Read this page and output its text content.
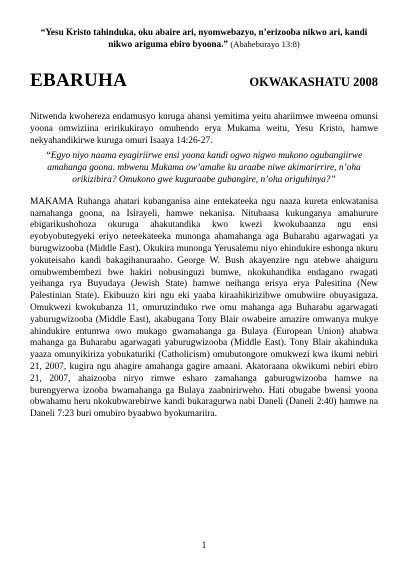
“Yesu Kristo tahinduka, oku abaire ari, nyomwebazyo, n’erizooba nikwo ari, kandi nikwo ariguma ebiro byoona.” (Abaheburayo 13:8)
EBARUHA	OKWAKASHATU 2008

Nitwenda kwohereza endamusyo kuruga ahansi yemitima yeitu ahariimwe mweena omunsi yoona omwiziina eririkukirayo omuhendo erya Mukama weitu, Yesu Kristo, hamwe nekyahandikirwe kuruga omuri Isaaya 14:26-27.

“Egyo niyo naama eyagiriirwe ensi yoona kandi ogwo nigwo mukono ogubangiirwe amahanga goona. mbwenu Mukama ow’amahe ku araabe niwe akimarirrire, n’oha orikizibira? Omukono gwe kuguraabe gubangire, n’oha origuhinya?”

MAKAMA Ruhanga ahatari kubanganisa aine entekateeka ngu naaza kureta enkwatanisa namahanga goona, na Isirayeli, hamwe nekanisa. Nitubaasa kukunganya amahurure ebigarikushohoza okuruga ahakutandika kwo kwezi kwokubaanza ngu ensi eyobyobutegyeki eriyo neteekateeka munonga ahamahanga aga Buharabu agarwagati ya burugwizooba (Middle East). Okukira munonga Yerusalemu niyo ehindukire eshonga nkuru yokuteisaho kandi bakagihanuraaho. George W. Bush akayenzire ngu atebwe ahaiguru omubwembembezi bwe hakiri nobusinguzi bumwe, nkokuhandika endagano rwagati yeihanga rya Buyudaya (Jewish State) hamwe neihanga erisya erya Palesitina (New Palestinian State). Ekibuuzo kiri ngu eki yaaba kiraahikirizibwe omubwiire obuyasigaza. Omukwezi kwokubanza 11, omuruzinduko rwe omu mahanga aga Buharabu agarwagati yaburugwizooba (Middle East), akabugana Tony Blair owabeire amazire omwanya mukye ahindukire entumwa owo mukago gwamahanga ga Bulaya (European Union) ahabwa mahanga ga Buharabu agarwagati yaburugwizooba (Middle East). Tony Blair akahinduka yaaza omunyikiriza yobukaturiki (Catholicism) omubutongore omukwezi kwa ikumi nebiri 21, 2007, kugira ngu ahagire amahanga gagire amaani. Akatoraana okwikumi nebiri ebiro 21, 2007, ahaizooba niryo rimwe esharo zamahanga gaburugwizooba hamwe na burengyerwa izooba bwamahanga ga Bulaya zaabnirirweho. Hati obugabe bwensi yoona obwahamu heru nkokubwarebirwe kandi bukaragurwa nabi Daneli (Daneli 2:40) hamwe na Daneli 7:23 buri omubiro byaabwo byokumariira.

1
